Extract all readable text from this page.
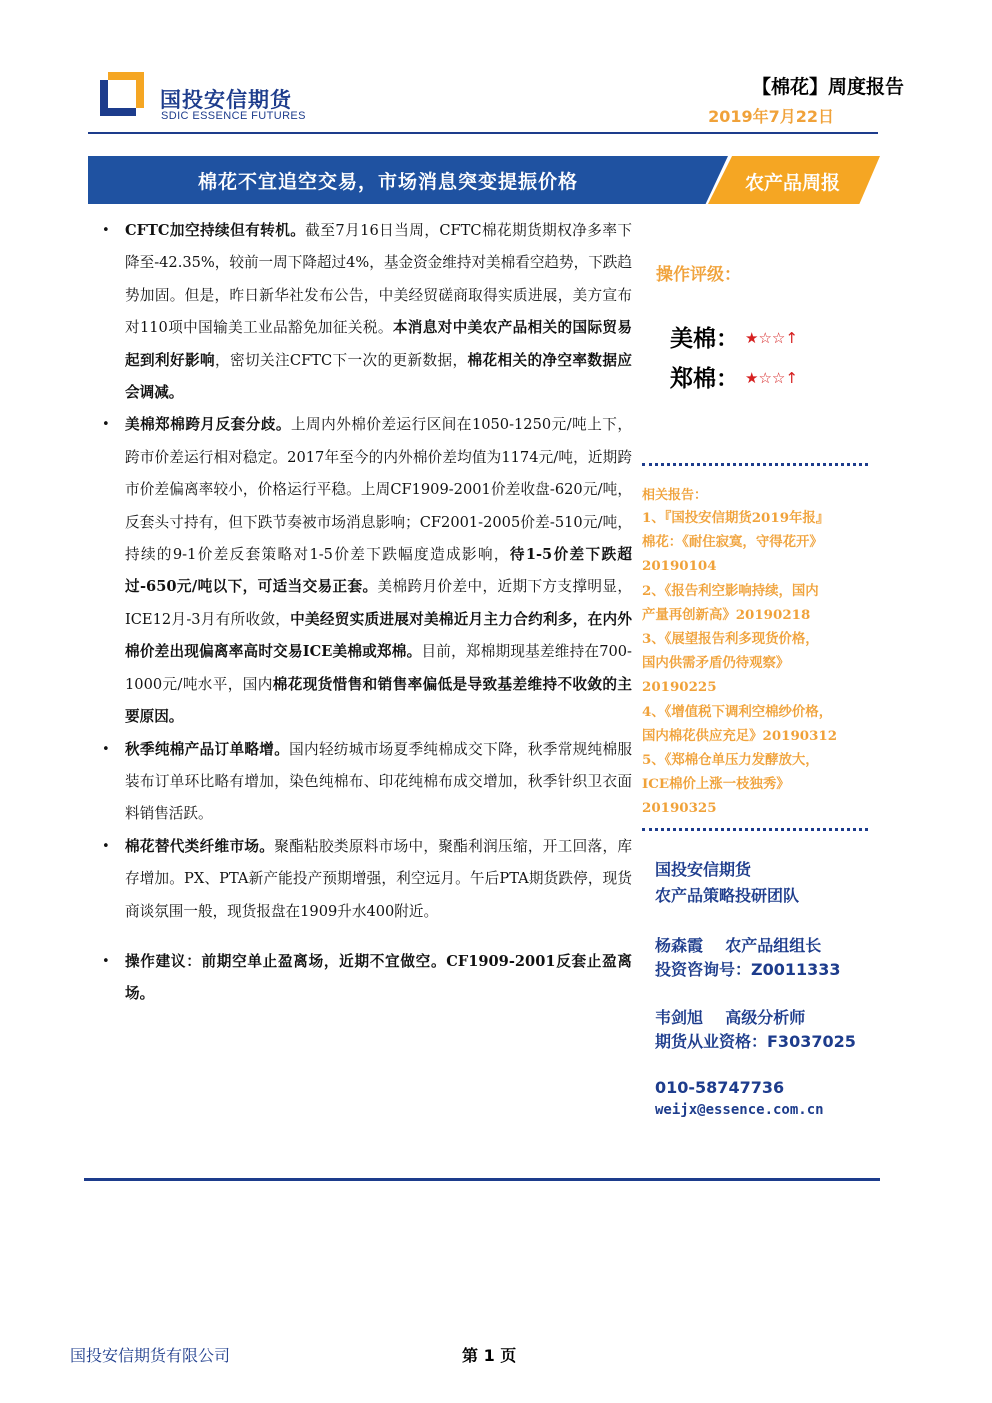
国投安信期货
SDIC ESSENCE FUTURES
【棉花】周度报告
2019年7月22日
棉花不宜追空交易，市场消息突变提振价格	农产品周报
• CFTC加空持续但有转机。截至7月16日当周，CFTC棉花期货期权净多率下降至-42.35%，较前一周下降超过4%，基金资金维持对美棉看空趋势，下跌趋势加固。但是，昨日新华社发布公告，中美经贸磋商取得实质进展，美方宣布对110项中国输美工业品豁免加征关税。本消息对中美农产品相关的国际贸易起到利好影响，密切关注CFTC下一次的更新数据，棉花相关的净空率数据应会调减。
• 美棉郑棉跨月反套分歧。上周内外棉价差运行区间在1050-1250元/吨上下，跨市价差运行相对稳定。2017年至今的内外棉价差均值为1174元/吨，近期跨市价差偏离率较小，价格运行平稳。上周CF1909-2001价差收盘-620元/吨，反套头寸持有，但下跌节奏被市场消息影响；CF2001-2005价差-510元/吨，持续的9-1价差反套策略对1-5价差下跌幅度造成影响，待1-5价差下跌超过-650元/吨以下，可适当交易正套。美棉跨月价差中，近期下方支撑明显，ICE12月-3月有所收敛，中美经贸实质进展对美棉近月主力合约利多，在内外棉价差出现偏离率高时交易ICE美棉或郑棉。目前，郑棉期现基差维持在700-1000元/吨水平，国内棉花现货惜售和销售率偏低是导致基差维持不收敛的主要原因。
• 秋季纯棉产品订单略增。国内轻纺城市场夏季纯棉成交下降，秋季常规纯棉服装布订单环比略有增加，染色纯棉布、印花纯棉布成交增加，秋季针织卫衣面料销售活跃。
• 棉花替代类纤维市场。聚酯粘胶类原料市场中，聚酯利润压缩，开工回落，库存增加。PX、PTA新产能投产预期增强，利空远月。午后PTA期货跌停，现货商谈氛围一般，现货报盘在1909升水400附近。
• 操作建议：前期空单止盈离场，近期不宜做空。CF1909-2001反套止盈离场。
操作评级：
美棉： ★☆☆↑
郑棉： ★☆☆↑
相关报告：
1、『国投安信期货2019年报』
棉花：《耐住寂寞，守得花开》
20190104
2、《报告利空影响持续，国内
产量再创新高》20190218
3、《展望报告利多现货价格，
国内供需矛盾仍待观察》
20190225
4、《增值税下调利空棉纱价格，
国内棉花供应充足》20190312
5、《郑棉仓单压力发酵放大，
ICE棉价上涨一枝独秀》
20190325
国投安信期货
农产品策略投研团队
杨森霞    农产品组组长
投资咨询号：Z0011333
韦剑旭    高级分析师
期货从业资格：F3037025
010-58747736
weijx@essence.com.cn
国投安信期货有限公司	第 1 页
